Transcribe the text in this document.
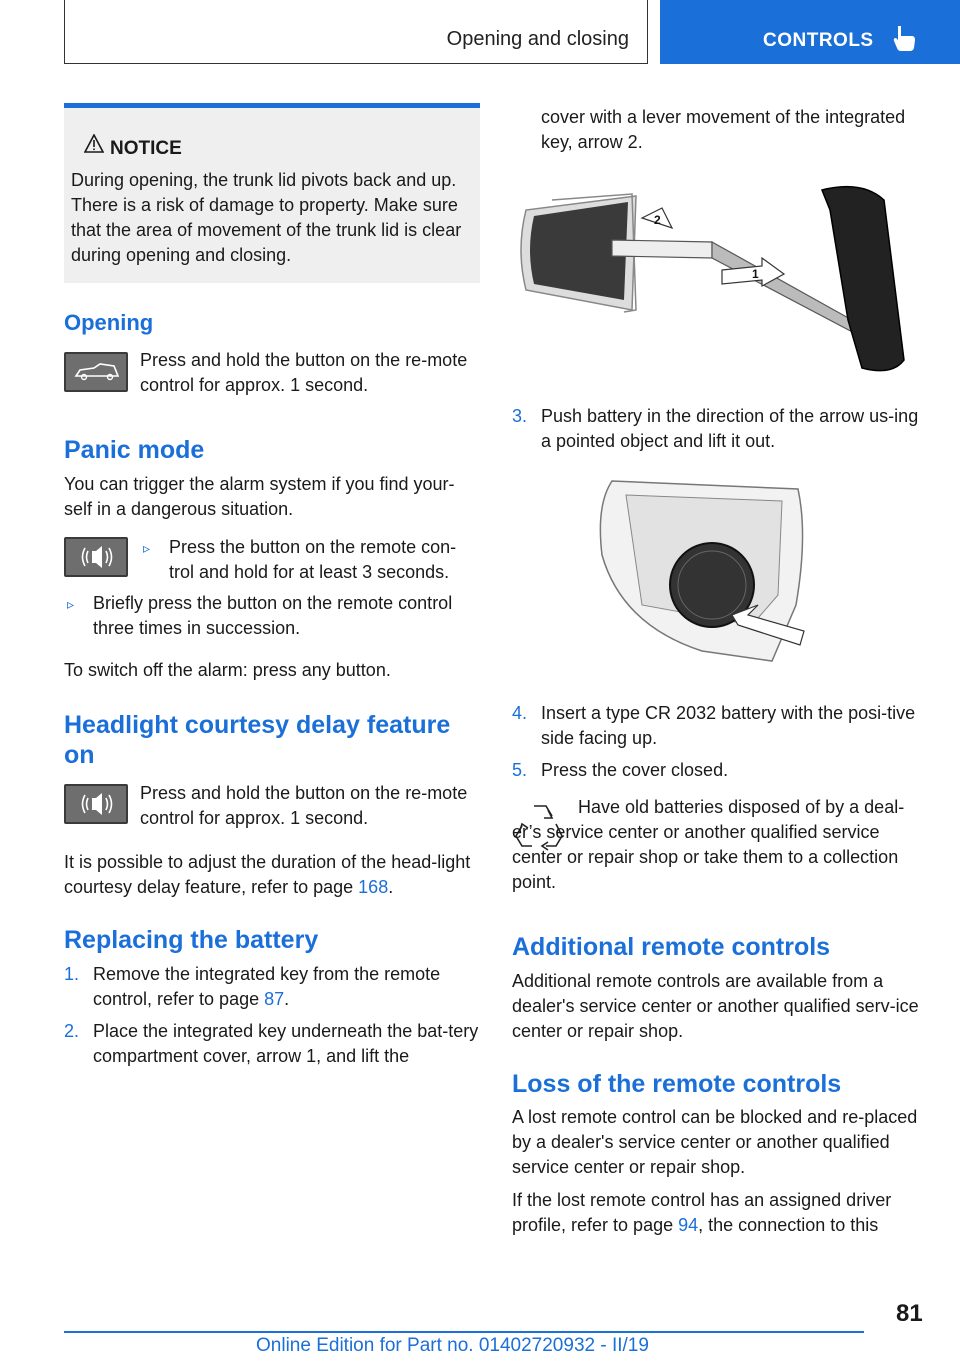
Opening and closing	CONTROLS
NOTICE
During opening, the trunk lid pivots back and up. There is a risk of damage to property. Make sure that the area of movement of the trunk lid is clear during opening and closing.
Opening
Press and hold the button on the re-mote control for approx. 1 second.
Panic mode
You can trigger the alarm system if you find your-self in a dangerous situation.
▹ Press the button on the remote con-trol and hold for at least 3 seconds.
▹ Briefly press the button on the remote control three times in succession.
To switch off the alarm: press any button.
Headlight courtesy delay feature on
Press and hold the button on the re-mote control for approx. 1 second.
It is possible to adjust the duration of the head-light courtesy delay feature, refer to page 168.
Replacing the battery
1. Remove the integrated key from the remote control, refer to page 87.
2. Place the integrated key underneath the bat-tery compartment cover, arrow 1, and lift the
cover with a lever movement of the integrated key, arrow 2.
2
1
3. Push battery in the direction of the arrow us-ing a pointed object and lift it out.
4. Insert a type CR 2032 battery with the posi-tive side facing up.
5. Press the cover closed.
Have old batteries disposed of by a deal-er’s service center or another qualified service center or repair shop or take them to a collection point.
Additional remote controls
Additional remote controls are available from a dealer's service center or another qualified serv-ice center or repair shop.
Loss of the remote controls
A lost remote control can be blocked and re-placed by a dealer's service center or another qualified service center or repair shop.
If the lost remote control has an assigned driver profile, refer to page 94, the connection to this
81
Online Edition for Part no. 01402720932 - II/19
